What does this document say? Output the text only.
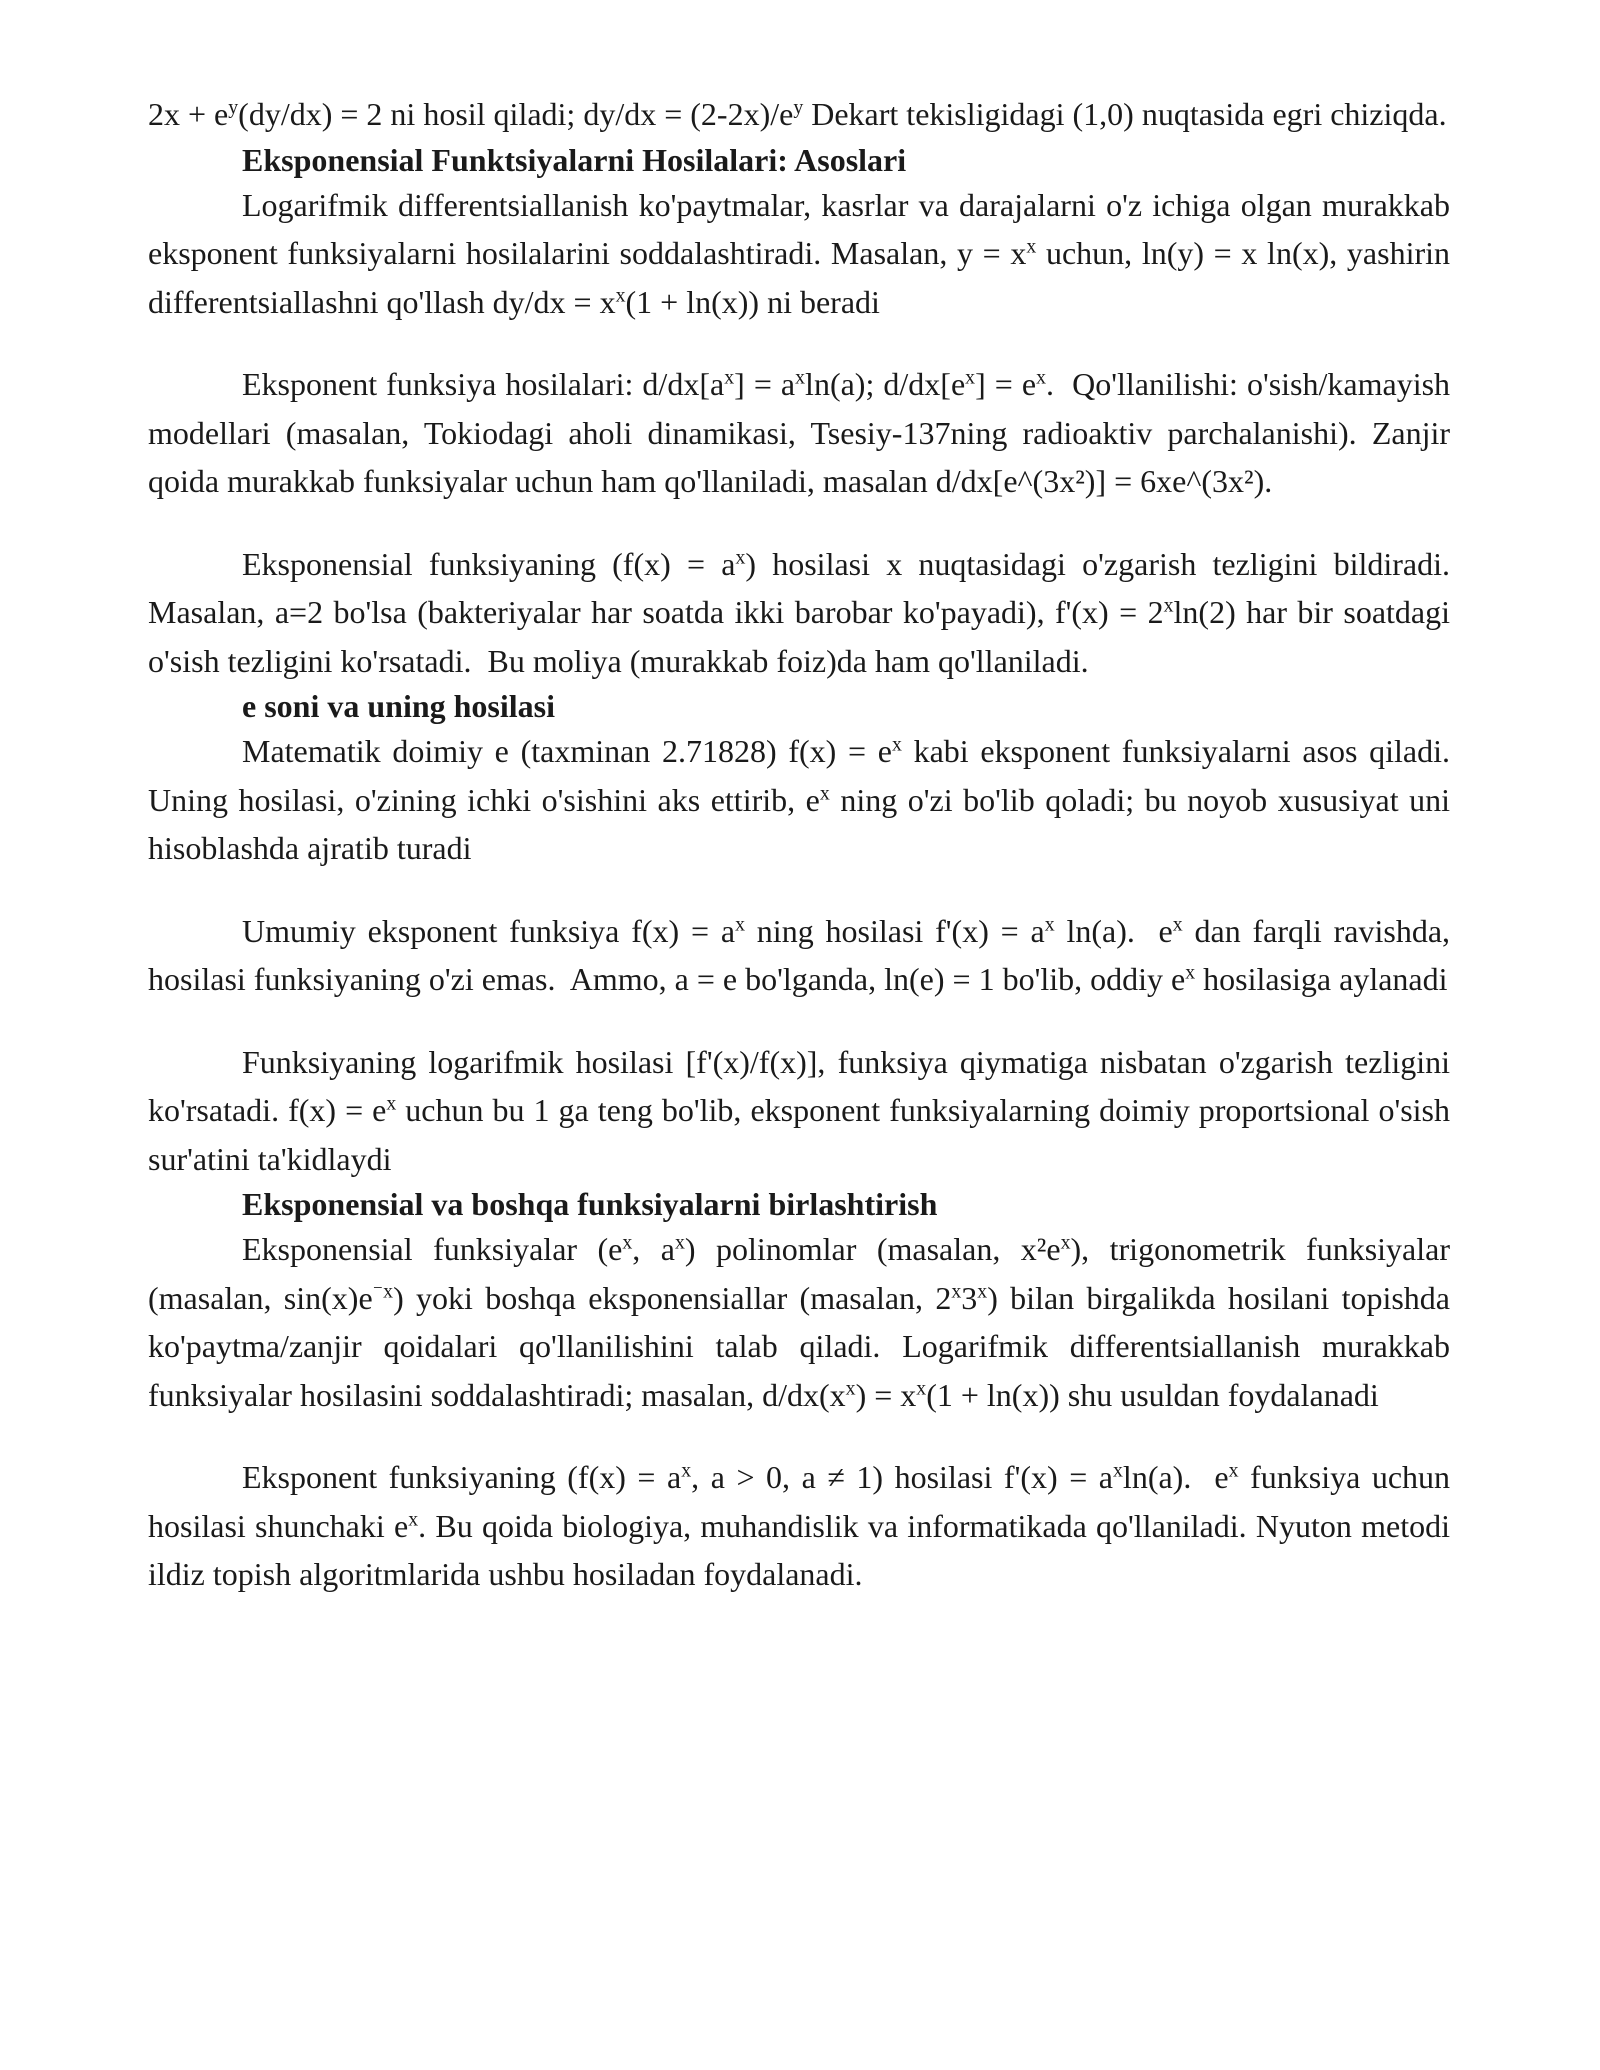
$2x + e^y(dy/dx) = 2$ ni hosil qiladi; $dy/dx = (2-2x)/e^y$ Dekart tekisligidagi (1,0) nuqtasida egri chiziqda.

Eksponensial Funktsiyalarni Hosilalari: Asoslari

Logarifmik differentsiallanish ko'paytmalar, kasrlar va darajalarni o'z ichiga olgan murakkab eksponent funksiyalarni hosilalarini soddalashtiradi. Masalan, $y = x^x$ uchun, ln(y) = x ln(x), yashirin differentsiallashni qo'llash $dy/dx = x^x(1 + \ln(x))$ ni beradi

Eksponent funksiya hosilalari: $d/dx[a^x] = a^x\ln(a)$; $d/dx[e^x] = e^x$.  Qo'llanilishi: o'sish/kamayish modellari (masalan, Tokiodagi aholi dinamikasi, Tsesiy-137ning radioaktiv parchalanishi). Zanjir qoida murakkab funksiyalar uchun ham qo'llaniladi, masalan d/dx[e^(3x²)] = 6xe^(3x²).

Eksponensial funksiyaning $(f(x) = a^x)$ hosilasi x nuqtasidagi o'zgarish tezligini bildiradi. Masalan, a=2 bo'lsa (bakteriyalar har soatda ikki barobar ko'payadi), $f'(x) = 2^x\ln(2)$ har bir soatdagi o'sish tezligini ko'rsatadi.  Bu moliya (murakkab foiz)da ham qo'llaniladi.

e soni va uning hosilasi

Matematik doimiy e (taxminan 2.71828) $f(x) = e^x$ kabi eksponent funksiyalarni asos qiladi. Uning hosilasi, o'zining ichki o'sishini aks ettirib, $e^x$ ning o'zi bo'lib qoladi; bu noyob xususiyat uni hisoblashda ajratib turadi

Umumiy eksponent funksiya $f(x) = a^x$ ning hosilasi $f'(x) = a^x$ ln(a).  $e^x$ dan farqli ravishda, hosilasi funksiyaning o'zi emas.  Ammo, a = e bo'lganda, ln(e) = 1 bo'lib, oddiy $e^x$ hosilasiga aylanadi

Funksiyaning logarifmik hosilasi [f'(x)/f(x)], funksiya qiymatiga nisbatan o'zgarish tezligini ko'rsatadi. $f(x) = e^x$ uchun bu 1 ga teng bo'lib, eksponent funksiyalarning doimiy proportsional o'sish sur'atini ta'kidlaydi

Eksponensial va boshqa funksiyalarni birlashtirish

Eksponensial funksiyalar ($e^x$, $a^x$) polinomlar (masalan, $x^2e^x$), trigonometrik funksiyalar (masalan, $\sin(x)e^{^-x}$) yoki boshqa eksponensiallar (masalan, 2$^x$3$^x$) bilan birgalikda hosilani topishda ko'paytma/zanjir qoidalari qo'llanilishini talab qiladi. Logarifmik differentsiallanish murakkab funksiyalar hosilasini soddalashtiradi; masalan, $d/dx(x^x) = x^x(1 + \ln(x))$ shu usuldan foydalanadi

Eksponent funksiyaning ($f(x) = a^x$, a > 0, a ≠ 1) hosilasi $f'(x) = a^x\ln(a)$.  $e^x$ funksiya uchun hosilasi shunchaki $e^x$. Bu qoida biologiya, muhandislik va informatikada qo'llaniladi. Nyuton metodi ildiz topish algoritmlarida ushbu hosiladan foydalanadi.
